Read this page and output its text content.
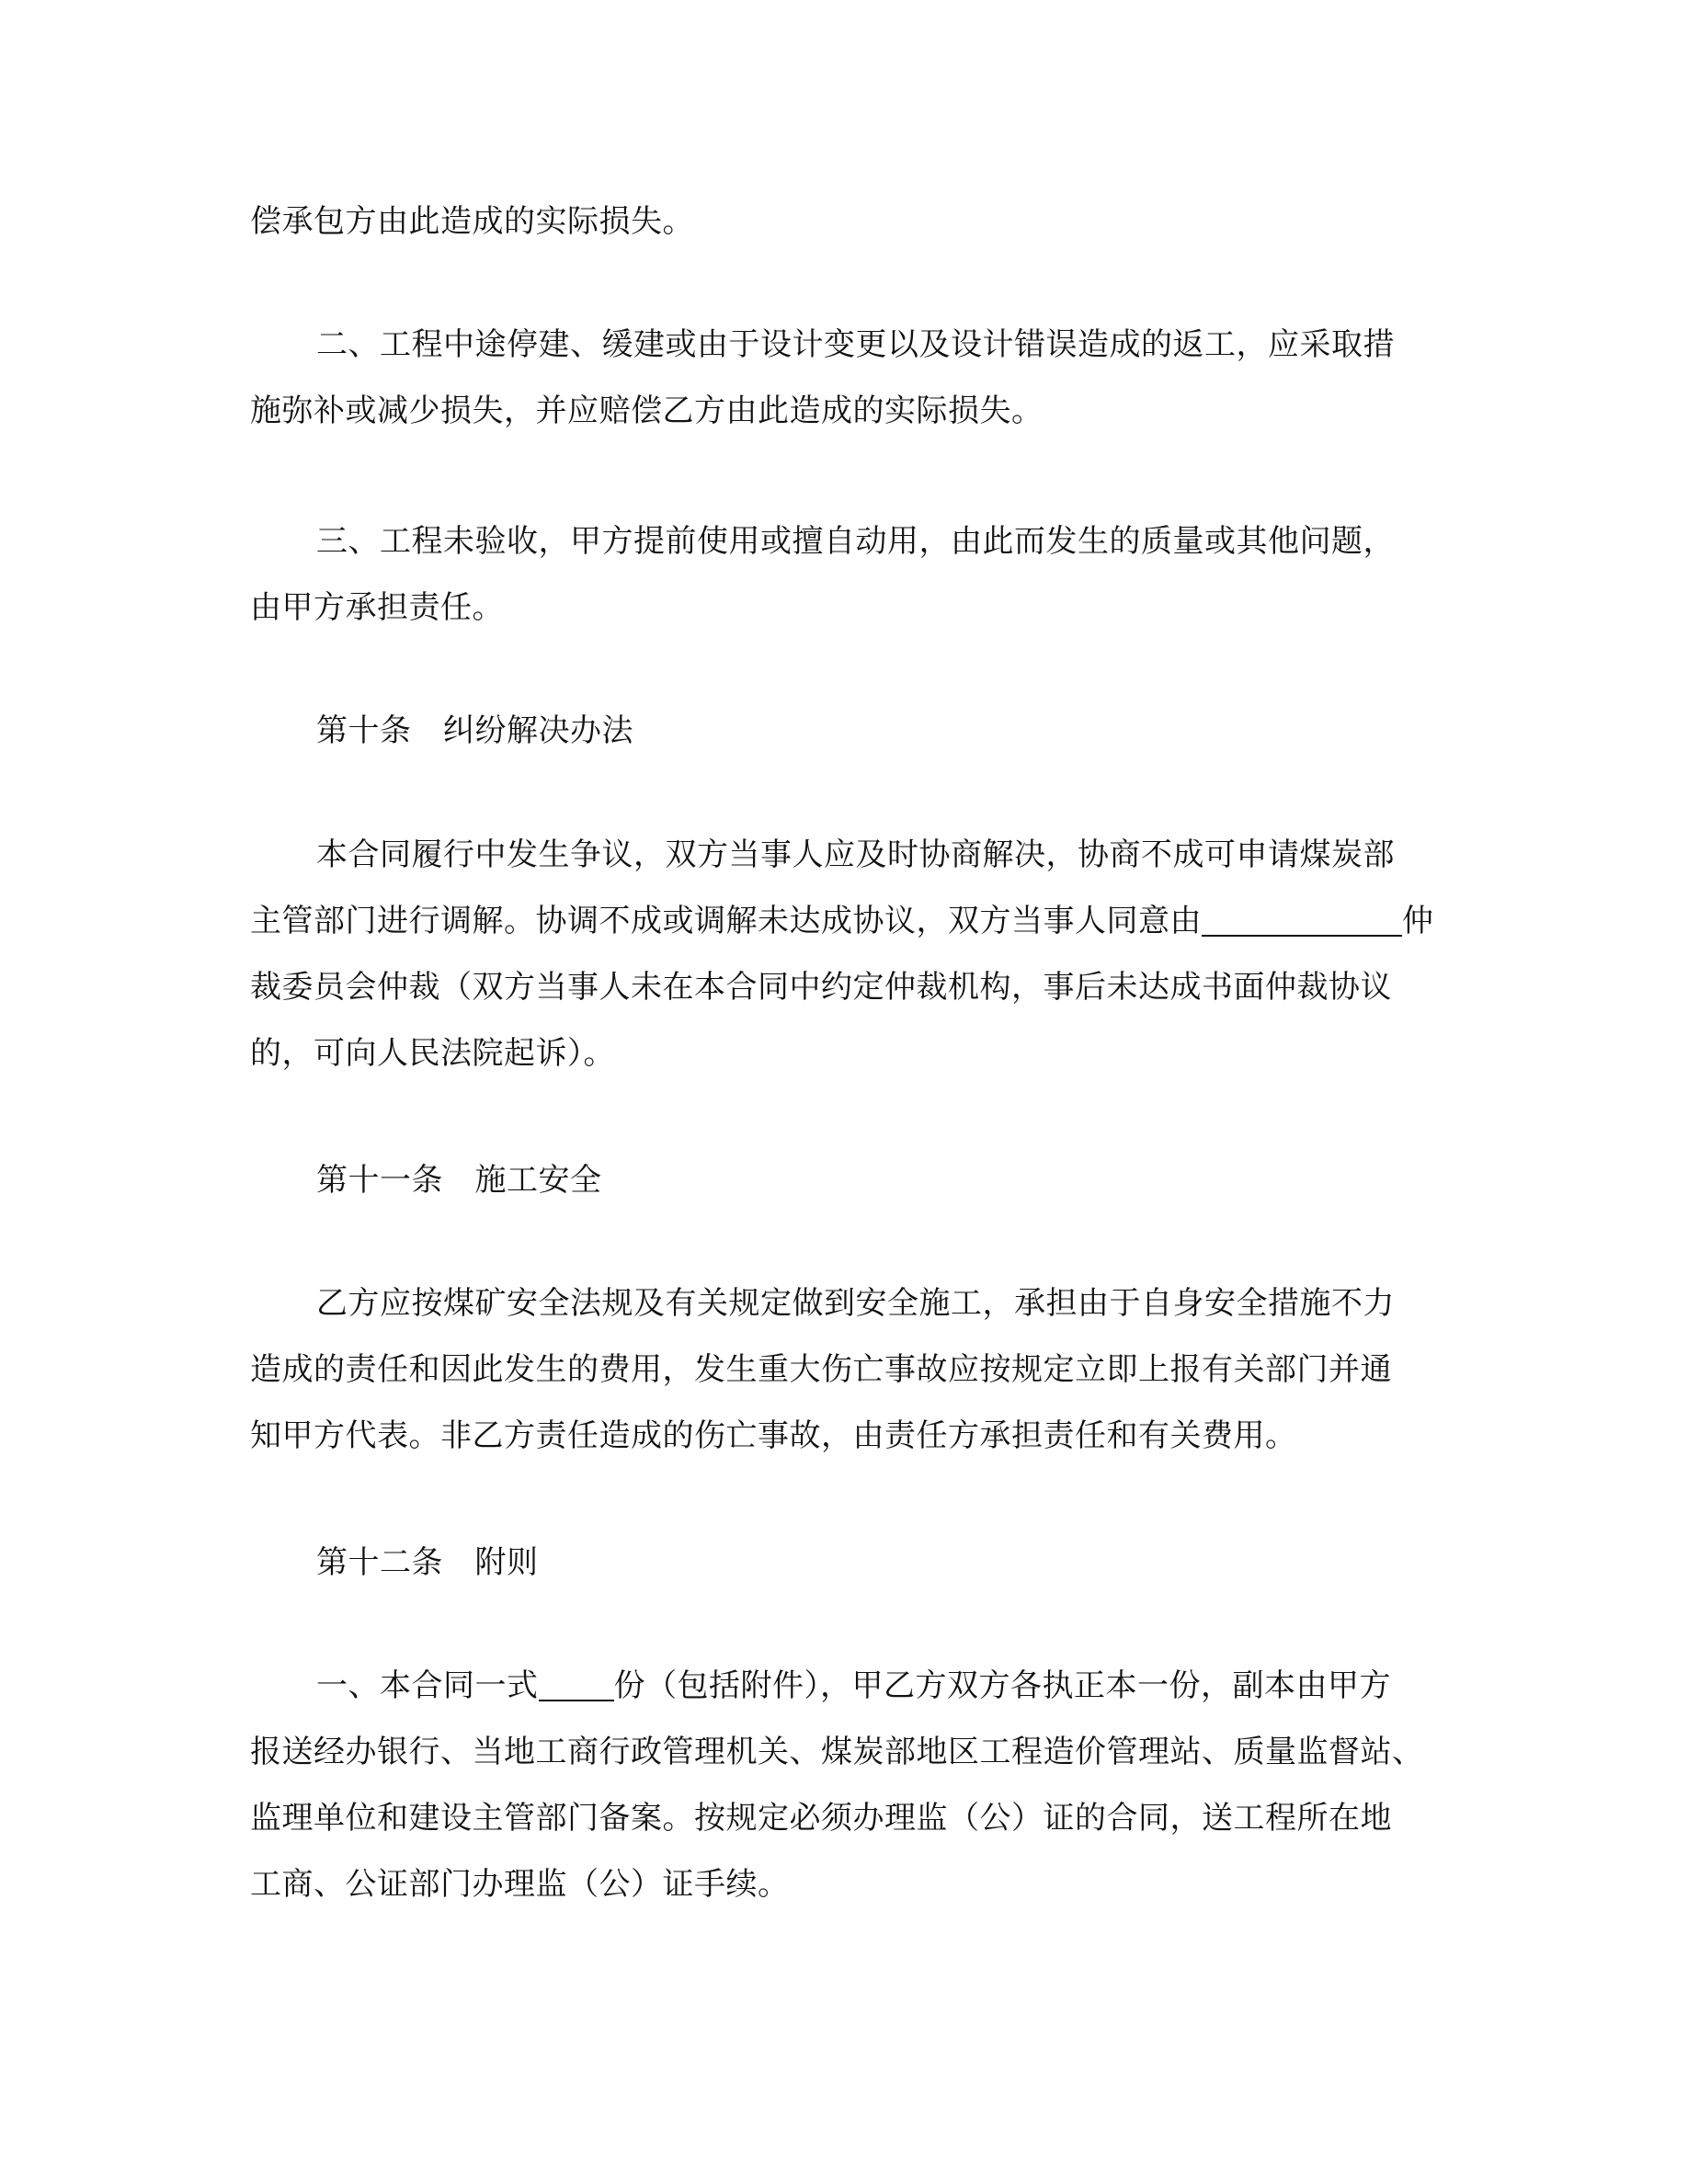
偿承包方由此造成的实际损失。

二、工程中途停建、缓建或由于设计变更以及设计错误造成的返工，应采取措

施弥补或减少损失，并应赔偿乙方由此造成的实际损失。

三、工程未验收，甲方提前使用或擅自动用，由此而发生的质量或其他问题，

由甲方承担责任。

第十条　纠纷解决办法

本合同履行中发生争议，双方当事人应及时协商解决，协商不成可申请煤炭部

主管部门进行调解。协调不成或调解未达成协议，双方当事人同意由	仲

裁委员会仲裁（双方当事人未在本合同中约定仲裁机构，事后未达成书面仲裁协议

的，可向人民法院起诉）。

第十一条　施工安全

乙方应按煤矿安全法规及有关规定做到安全施工，承担由于自身安全措施不力

造成的责任和因此发生的费用，发生重大伤亡事故应按规定立即上报有关部门并通

知甲方代表。非乙方责任造成的伤亡事故，由责任方承担责任和有关费用。

第十二条　附则

一、本合同一式 份（包括附件），甲乙方双方各执正本一份，副本由甲方

报送经办银行、当地工商行政管理机关、煤炭部地区工程造价管理站、质量监督站、

监理单位和建设主管部门备案。按规定必须办理监（公）证的合同，送工程所在地

工商、公证部门办理监（公）证手续。
